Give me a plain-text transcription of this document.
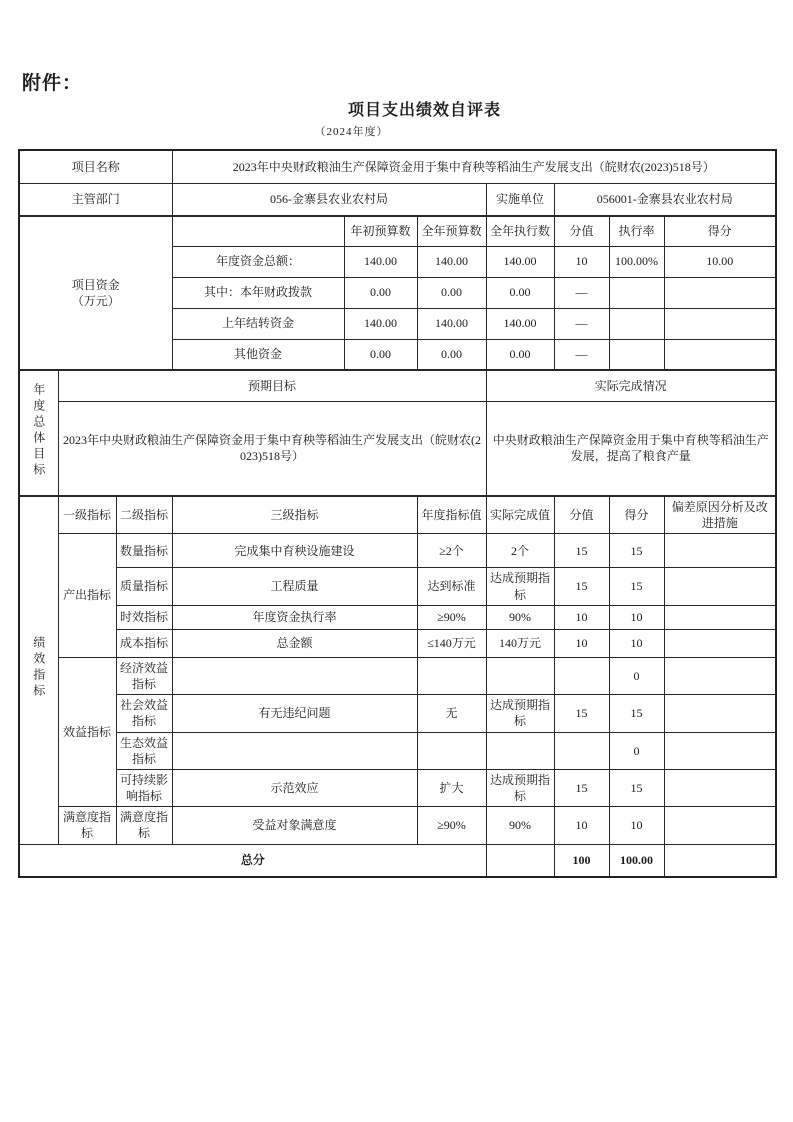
附件：
项目支出绩效自评表
（2024年度）
项目名称			2023年中央财政粮油生产保障资金用于集中育秧等稻油生产发展支出（皖财农(2023)518号）						
主管部门			056-金寨县农业农村局			实施单位	056001-金寨县农业农村局		

项目资金
（万元）				年初预算数	全年预算数	全年执行数	分值	执行率	得分
			年度资金总额：	140.00	140.00	140.00	10	100.00%	10.00
			其中：本年财政拨款	0.00	0.00	0.00	—		
			上年结转资金	140.00	140.00	140.00	—		
			其他资金	0.00	0.00	0.00	—		
年度总体目标	预期目标					实际完成情况			
	2023年中央财政粮油生产保障资金用于集中育秧等稻油生产发展支出（皖财农(2023)518号）					中央财政粮油生产保障资金用于集中育秧等稻油生产发展，提高了粮食产量			
绩效指标	一级指标	二级指标	三级指标		年度指标值	实际完成值	分值	得分	偏差原因分析及改进措施
	产出指标	数量指标	完成集中育秧设施建设		≥2个	2个	15	15	
		质量指标	工程质量		达到标准	达成预期指标	15	15	
		时效指标	年度资金执行率		≥90%	90%	10	10	
		成本指标	总金额		≤140万元	140万元	10	10	
	效益指标	经济效益指标						0	
		社会效益指标	有无违纪问题		无	达成预期指标	15	15	
		生态效益指标						0	
		可持续影响指标	示范效应		扩大	达成预期指标	15	15	
	满意度指标	满意度指标	受益对象满意度		≥90%	90%	10	10	
总分							100	100.00	
